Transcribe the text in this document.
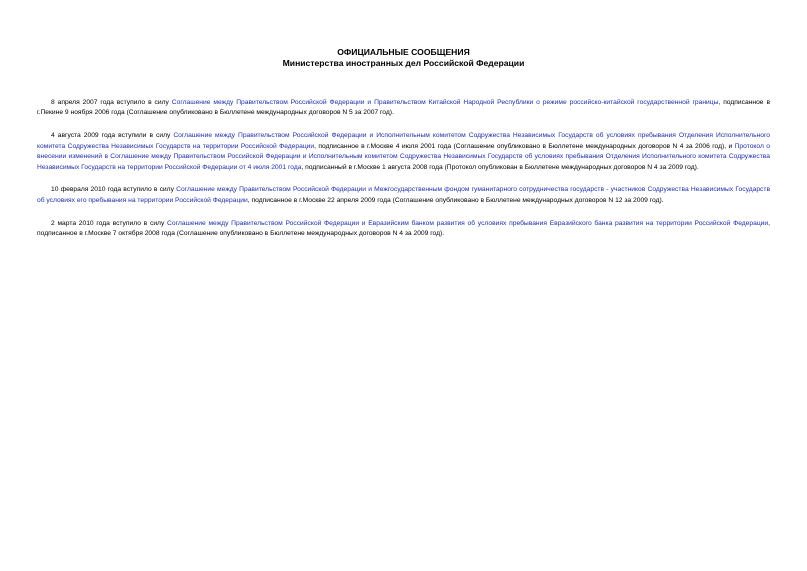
ОФИЦИАЛЬНЫЕ СООБЩЕНИЯ
Министерства иностранных дел Российской Федерации

8 апреля 2007 года вступило в силу Соглашение между Правительством Российской Федерации и Правительством Китайской Народной Республики о режиме российско-китайской государственной границы, подписанное в г.Пекине 9 ноября 2006 года (Соглашение опубликовано в Бюллетене международных договоров N 5 за 2007 год).

4 августа 2009 года вступили в силу Соглашение между Правительством Российской Федерации и Исполнительным комитетом Содружества Независимых Государств об условиях пребывания Отделения Исполнительного комитета Содружества Независимых Государств на территории Российской Федерации, подписанное в г.Москве 4 июля 2001 года (Соглашение опубликовано в Бюллетене международных договоров N 4 за 2006 год), и Протокол о внесении изменений в Соглашение между Правительством Российской Федерации и Исполнительным комитетом Содружества Независимых Государств об условиях пребывания Отделения Исполнительного комитета Содружества Независимых Государств на территории Российской Федерации от 4 июля 2001 года, подписанный в г.Москве 1 августа 2008 года (Протокол опубликован в Бюллетене международных договоров N 4 за 2009 год).

10 февраля 2010 года вступило в силу Соглашение между Правительством Российской Федерации и Межгосударственным фондом гуманитарного сотрудничества государств - участников Содружества Независимых Государств об условиях его пребывания на территории Российской Федерации, подписанное в г.Москве 22 апреля 2009 года (Соглашение опубликовано в Бюллетене международных договоров N 12 за 2009 год).

2 марта 2010 года вступило в силу Соглашение между Правительством Российской Федерации и Евразийским банком развития об условиях пребывания Евразийского банка развития на территории Российской Федерации, подписанное в г.Москве 7 октября 2008 года (Соглашение опубликовано в Бюллетене международных договоров N 4 за 2009 год).
